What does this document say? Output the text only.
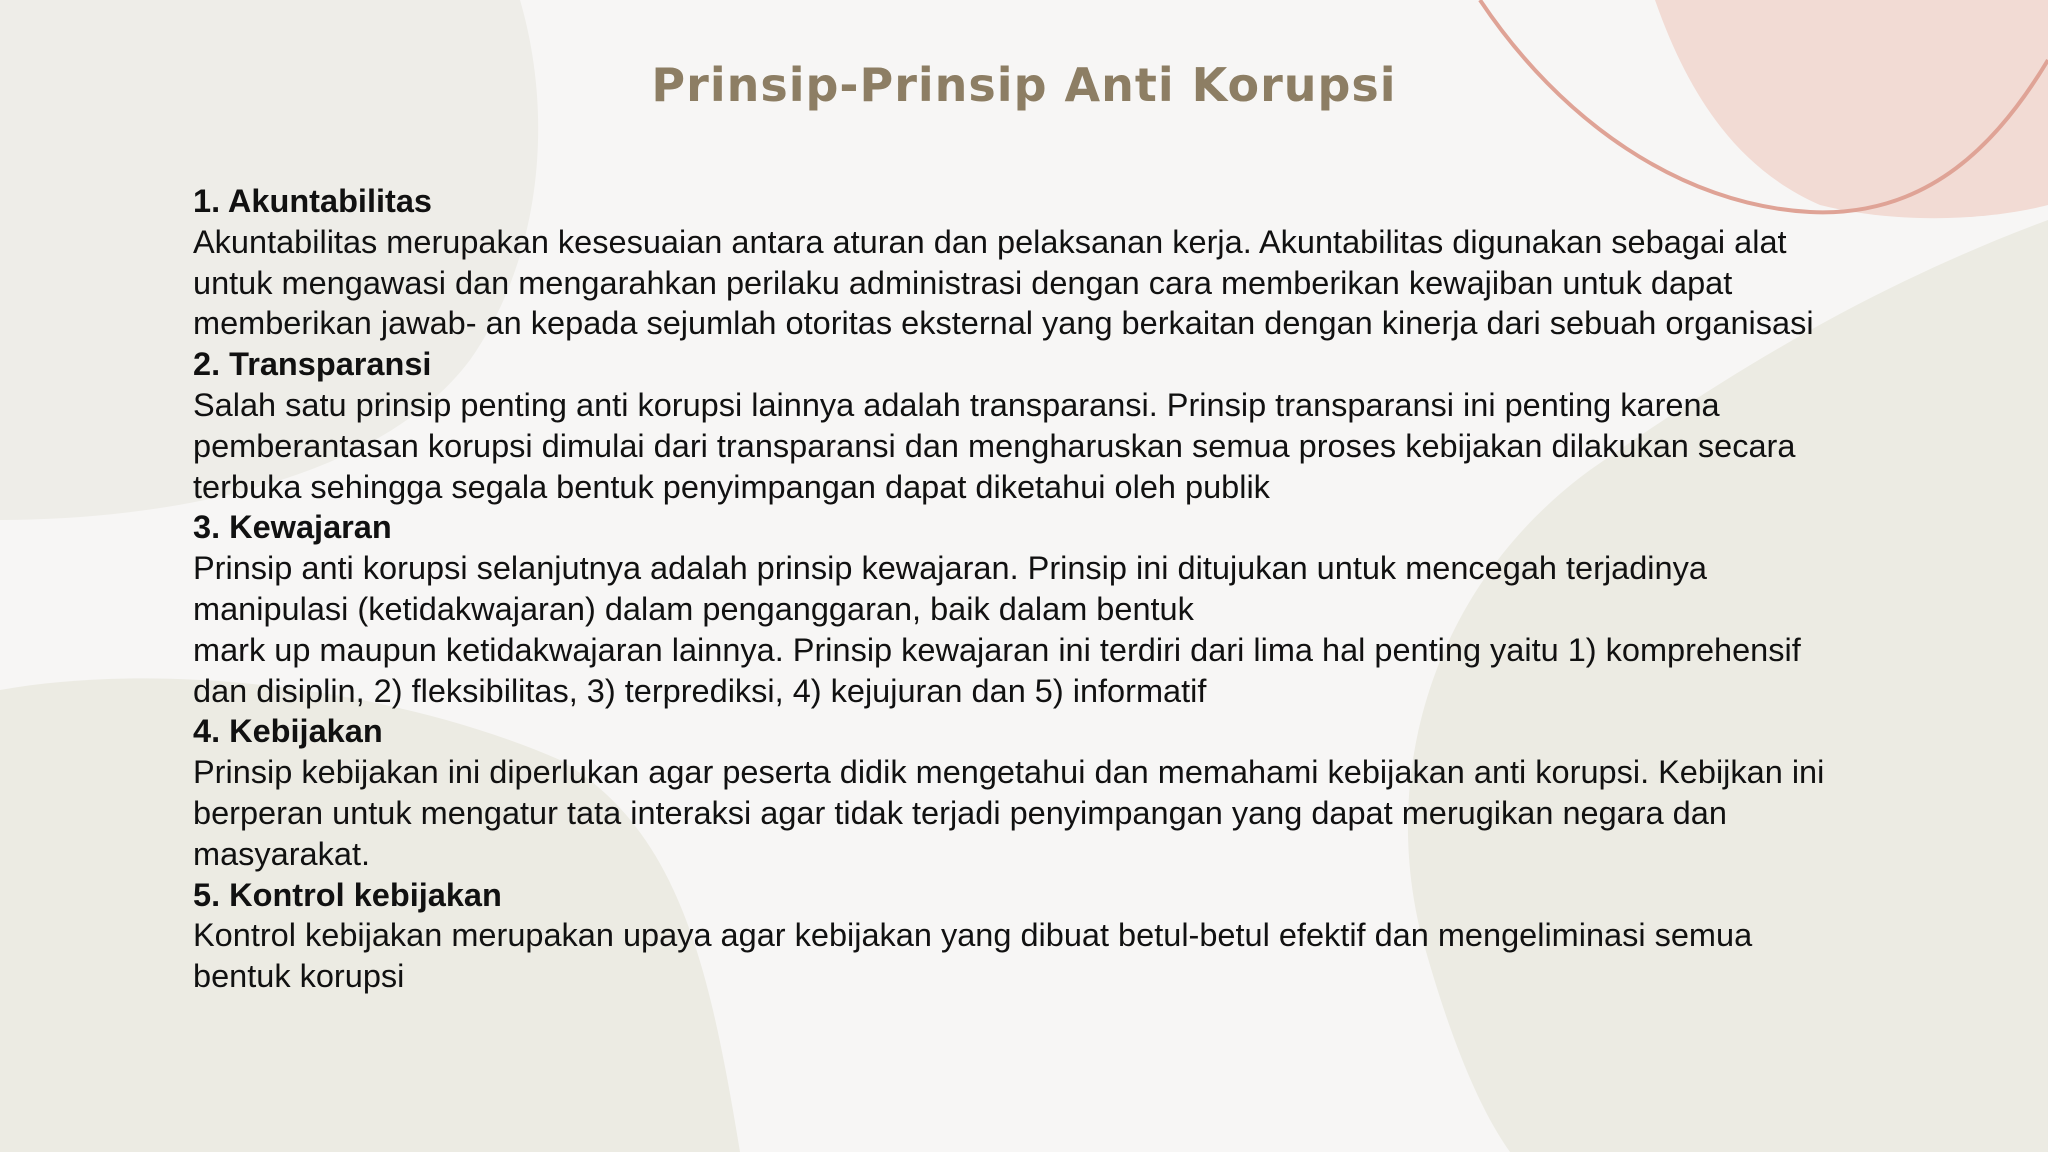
Prinsip-Prinsip Anti Korupsi

1. Akuntabilitas

Akuntabilitas merupakan kesesuaian antara aturan dan pelaksanan kerja. Akuntabilitas digunakan sebagai alat

untuk mengawasi dan mengarahkan perilaku administrasi dengan cara memberikan kewajiban untuk dapat

memberikan jawab- an kepada sejumlah otoritas eksternal yang berkaitan dengan kinerja dari sebuah organisasi

2. Transparansi

Salah satu prinsip penting anti korupsi lainnya adalah transparansi. Prinsip transparansi ini penting karena

pemberantasan korupsi dimulai dari transparansi dan mengharuskan semua proses kebijakan dilakukan secara

terbuka sehingga segala bentuk penyimpangan dapat diketahui oleh publik

3. Kewajaran

Prinsip anti korupsi selanjutnya adalah prinsip kewajaran. Prinsip ini ditujukan untuk mencegah terjadinya

manipulasi (ketidakwajaran) dalam penganggaran, baik dalam bentuk

mark up maupun ketidakwajaran lainnya. Prinsip kewajaran ini terdiri dari lima hal penting yaitu 1) komprehensif

dan disiplin, 2) fleksibilitas, 3) terprediksi, 4) kejujuran dan 5) informatif

4. Kebijakan

Prinsip kebijakan ini diperlukan agar peserta didik mengetahui dan memahami kebijakan anti korupsi. Kebijkan ini

berperan untuk mengatur tata interaksi agar tidak terjadi penyimpangan yang dapat merugikan negara dan

masyarakat.

5. Kontrol kebijakan

Kontrol kebijakan merupakan upaya agar kebijakan yang dibuat betul-betul efektif dan mengeliminasi semua

bentuk korupsi
